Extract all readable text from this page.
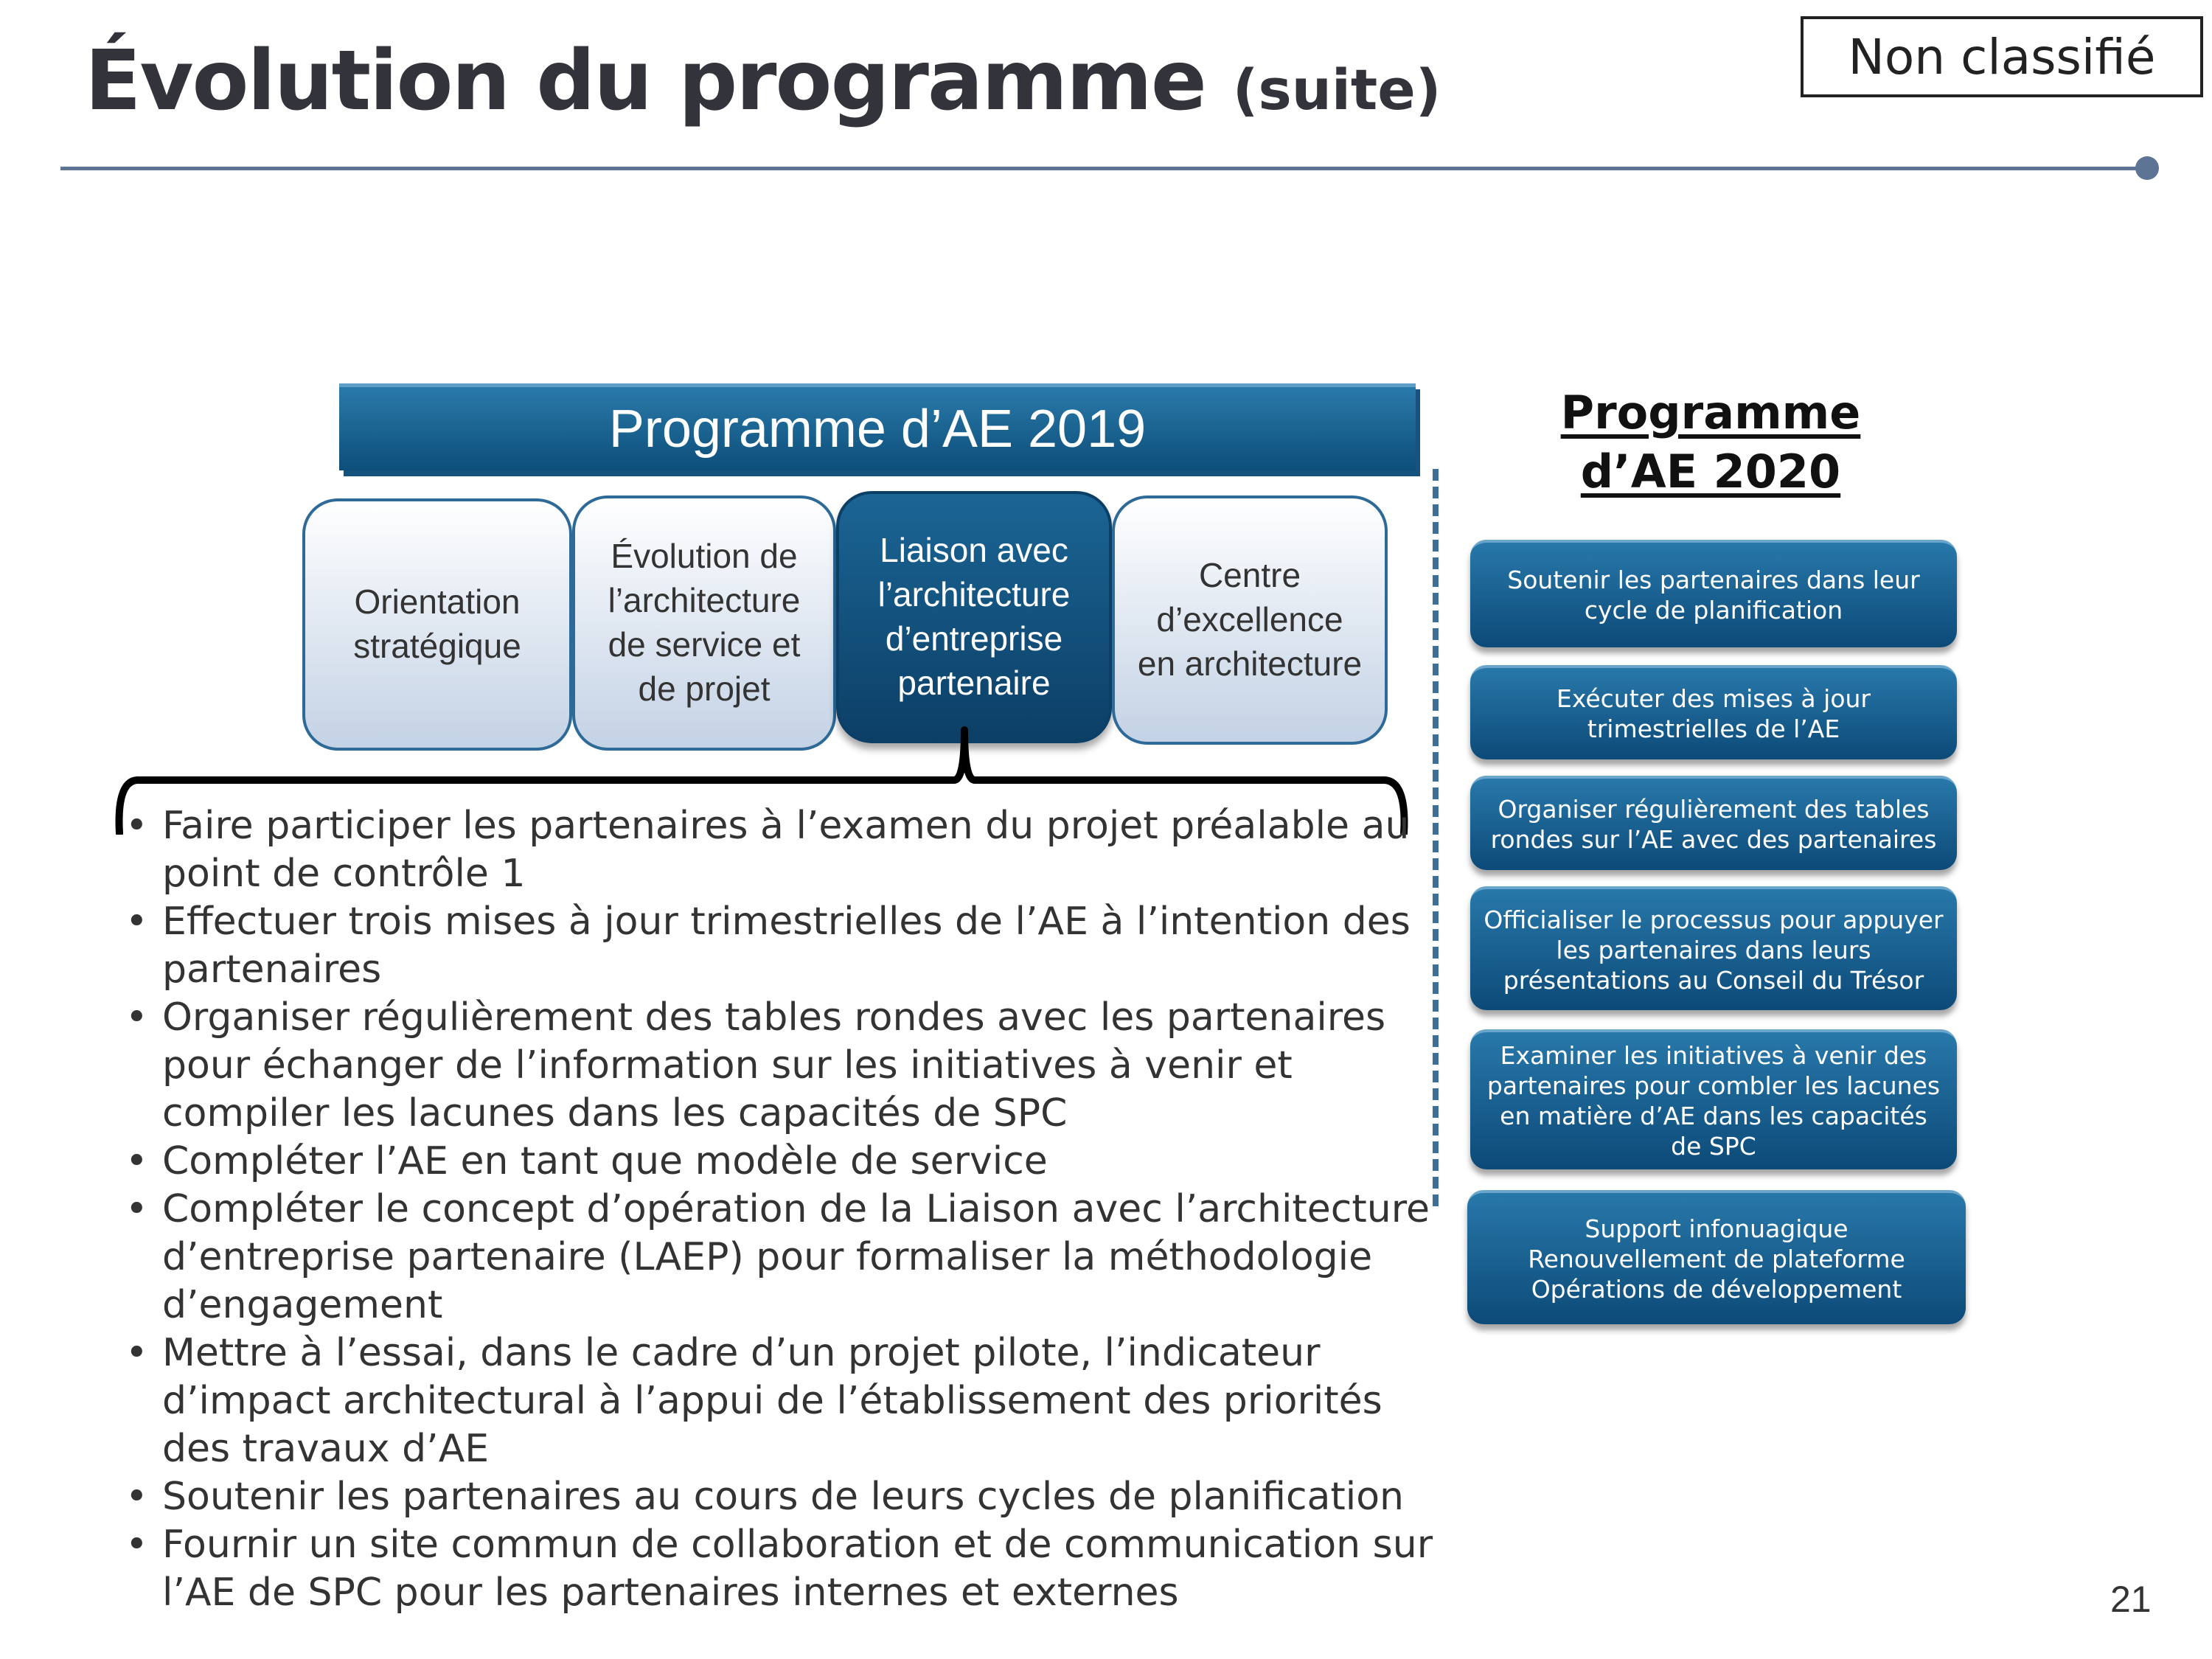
Évolution du programme (suite)	Non classifié
Programme d’AE 2019
Orientation
stratégique
Évolution de
l’architecture
de service et
de projet
Liaison avec
l’architecture
d’entreprise
partenaire
Centre
d’excellence
en architecture
• Faire participer les partenaires à l’examen du projet préalable au point de contrôle 1
• Effectuer trois mises à jour trimestrielles de l’AE à l’intention des partenaires
• Organiser régulièrement des tables rondes avec les partenaires pour échanger de l’information sur les initiatives à venir et compiler les lacunes dans les capacités de SPC
• Compléter l’AE en tant que modèle de service
• Compléter le concept d’opération de la Liaison avec l’architecture d’entreprise partenaire (LAEP) pour formaliser la méthodologie d’engagement
• Mettre à l’essai, dans le cadre d’un projet pilote, l’indicateur d’impact architectural à l’appui de l’établissement des priorités des travaux d’AE
• Soutenir les partenaires au cours de leurs cycles de planification
• Fournir un site commun de collaboration et de communication sur l’AE de SPC pour les partenaires internes et externes
Programme
d’AE 2020
Soutenir les partenaires dans leur cycle de planification
Exécuter des mises à jour trimestrielles de l’AE
Organiser régulièrement des tables rondes sur l’AE avec des partenaires
Officialiser le processus pour appuyer les partenaires dans leurs présentations au Conseil du Trésor
Examiner les initiatives à venir des partenaires pour combler les lacunes en matière d’AE dans les capacités de SPC
Support infonuagique
Renouvellement de plateforme
Opérations de développement
21
